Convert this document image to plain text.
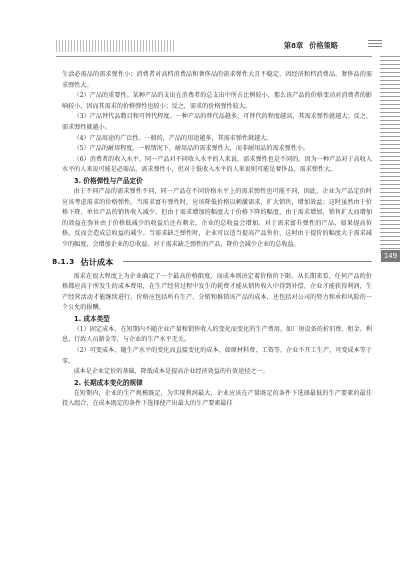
第8章 价格策略
149

生活必需品的需求弹性小；消费者对高档消费品和奢侈品的需求弹性大且不稳定，因经济和档消费品、奢侈品的需求弹性大。

（2）产品的重要性。某种产品的支出在消费者的总支出中所占比例较小，那么该产品的价格变动对消费者的影响较小，因而其需求的价格弹性也较小；反之，需求的价格弹性较大。

（3）产品替代品数目和可替代程度。一种产品的替代品越多，可替代的程度越高，其需求弹性就越大；反之，需求弹性就越小。

（4）产品用途的广泛性。一般的，产品的用途越多，其需求弹性就越大。

（5）产品的耐用程度。一般情况下，耐用品的需求弹性大，而非耐用品的需求弹性小。

（6）消费者的收入水平。同一产品对不同收入水平的人来说，需求弹性也是不同的。因为一种产品对于高收入水平的人来说可能是必需品，需求弹性小，但对于低收入水平的人来说则可能是奢侈品，需求弹性大。

3. 价格弹性与产品定价

由于不同产品的需求弹性不同，同一产品在不同价格水平上的需求弹性也可能不同，因此，企业为产品定价时应该考虑需求的价格弹性。当需求富有弹性时，应该降低价格以刺激需求，扩大销售，增加效益；这时虽然由于价格下降，单位产品的销售收入减少，但由于需求增加的幅度大于价格下降的幅度，由于需求增加，销售扩大而增加的效益在弥补由于价格低减少的收益后还有剩余，企业的总收益会增加。对于需求富有弹性的产品，如果提高价格，反而会造成总收益的减少。当需求缺乏弹性时，企业可以适当提高产品售价，这时由于提价的幅度大于需求减少的幅度，会增加企业的总收益。对于需求缺乏弹性的产品，降价会减少企业的总收益。

8.1.3 估计成本

需求在很大程度上为企业确定了一个最高价格限度，而成本则决定着价格的下限。从长期来看，任何产品的价格都应高于所发生的成本费用，在生产经营过程中发生的耗费才能从销售收入中得到补偿，企业才能获得利润，生产经营活动才能继续进行。价格应包括所有生产、分销和推销该产品的成本，还包括对公司的努力和承担风险的一个公允的报酬。

1. 成本类型

（1）固定成本，在短期内不随企业产量和销售收入的变化而变化的生产费用，如厂房设备的折旧费、租金、利息、行政人员薪金等，与企业的生产水平无关。

（2）可变成本，随生产水平的变化而直接变化的成本，如原材料费、工资等，企业不开工生产，可变成本等于零。

成本是企业定价的基础，降低成本是提高企业经济效益的有效途径之一。

2. 长期成本变化的规律

在短期内，企业的生产规模既定，为实现利润最大，企业应该在产量既定的条件下选择最低的生产要素的最佳投入组合，在成本既定的条件下选择使产出最大的生产要素最佳
